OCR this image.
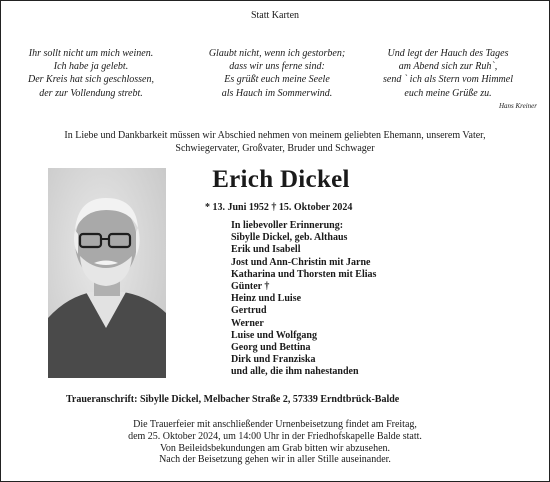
Statt Karten
Ihr sollt nicht um mich weinen.
Ich habe ja gelebt.
Der Kreis hat sich geschlossen,
der zur Vollendung strebt.
Glaubt nicht, wenn ich gestorben;
dass wir uns ferne sind:
Es grüßt euch meine Seele
als Hauch im Sommerwind.
Und legt der Hauch des Tages
am Abend sich zur Ruh`,
send ` ich als Stern vom Himmel
euch meine Grüße zu.
Hans Kreiner
In Liebe und Dankbarkeit müssen wir Abschied nehmen von meinem geliebten Ehemann, unserem Vater,
Schwiegervater, Großvater, Bruder und Schwager
Erich Dickel
* 13. Juni 1952 † 15. Oktober 2024
In liebevoller Erinnerung:
Sibylle Dickel, geb. Althaus
Erik und Isabell
Jost und Ann-Christin mit Jarne
Katharina und Thorsten mit Elias
Günter †
Heinz und Luise
Gertrud
Werner
Luise und Wolfgang
Georg und Bettina
Dirk und Franziska
und alle, die ihm nahestanden
Traueranschrift: Sibylle Dickel, Melbacher Straße 2, 57339 Erndtbrück-Balde
Die Trauerfeier mit anschließender Urnenbeisetzung findet am Freitag,
dem 25. Oktober 2024, um 14:00 Uhr in der Friedhofskapelle Balde statt.
Von Beileidsbekundungen am Grab bitten wir abzusehen.
Nach der Beisetzung gehen wir in aller Stille auseinander.
